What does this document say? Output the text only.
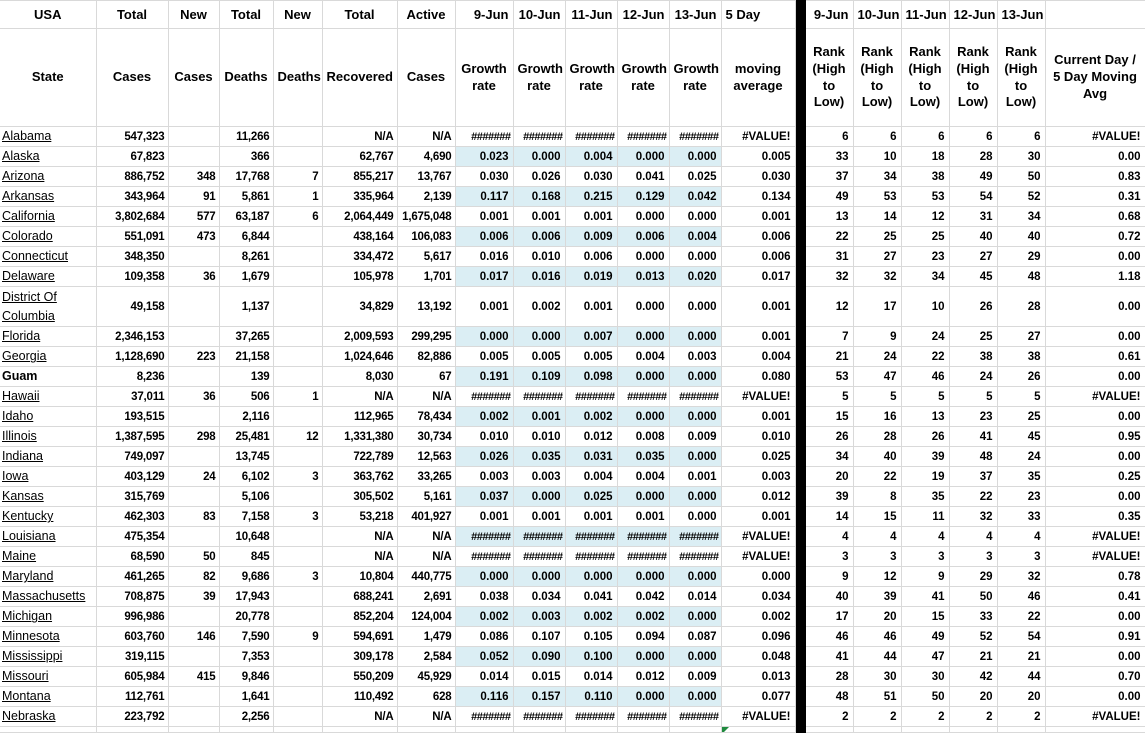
USA	Total	New	Total	New	Total	Active	9-Jun	10-Jun	11-Jun	12-Jun	13-Jun	5 Day		9-Jun	10-Jun	11-Jun	12-Jun	13-Jun	
State	Cases	Cases	Deaths	Deaths	Recovered	Cases	Growth rate	Growth rate	Growth rate	Growth rate	Growth rate	moving average		Rank (High to Low)	Rank (High to Low)	Rank (High to Low)	Rank (High to Low)	Rank (High to Low)	Current Day / 5 Day Moving Avg
Alabama	547,323		11,266		N/A	N/A	#######	#######	#######	#######	#######	#VALUE!		6	6	6	6	6	#VALUE!
Alaska	67,823		366		62,767	4,690	0.023	0.000	0.004	0.000	0.000	0.005		33	10	18	28	30	0.00
Arizona	886,752	348	17,768	7	855,217	13,767	0.030	0.026	0.030	0.041	0.025	0.030		37	34	38	49	50	0.83
Arkansas	343,964	91	5,861	1	335,964	2,139	0.117	0.168	0.215	0.129	0.042	0.134		49	53	53	54	52	0.31
California	3,802,684	577	63,187	6	2,064,449	1,675,048	0.001	0.001	0.001	0.000	0.000	0.001		13	14	12	31	34	0.68
Colorado	551,091	473	6,844		438,164	106,083	0.006	0.006	0.009	0.006	0.004	0.006		22	25	25	40	40	0.72
Connecticut	348,350		8,261		334,472	5,617	0.016	0.010	0.006	0.000	0.000	0.006		31	27	23	27	29	0.00
Delaware	109,358	36	1,679		105,978	1,701	0.017	0.016	0.019	0.013	0.020	0.017		32	32	34	45	48	1.18
District Of Columbia	49,158		1,137		34,829	13,192	0.001	0.002	0.001	0.000	0.000	0.001		12	17	10	26	28	0.00
Florida	2,346,153		37,265		2,009,593	299,295	0.000	0.000	0.007	0.000	0.000	0.001		7	9	24	25	27	0.00
Georgia	1,128,690	223	21,158		1,024,646	82,886	0.005	0.005	0.005	0.004	0.003	0.004		21	24	22	38	38	0.61
Guam	8,236		139		8,030	67	0.191	0.109	0.098	0.000	0.000	0.080		53	47	46	24	26	0.00
Hawaii	37,011	36	506	1	N/A	N/A	#######	#######	#######	#######	#######	#VALUE!		5	5	5	5	5	#VALUE!
Idaho	193,515		2,116		112,965	78,434	0.002	0.001	0.002	0.000	0.000	0.001		15	16	13	23	25	0.00
Illinois	1,387,595	298	25,481	12	1,331,380	30,734	0.010	0.010	0.012	0.008	0.009	0.010		26	28	26	41	45	0.95
Indiana	749,097		13,745		722,789	12,563	0.026	0.035	0.031	0.035	0.000	0.025		34	40	39	48	24	0.00
Iowa	403,129	24	6,102	3	363,762	33,265	0.003	0.003	0.004	0.004	0.001	0.003		20	22	19	37	35	0.25
Kansas	315,769		5,106		305,502	5,161	0.037	0.000	0.025	0.000	0.000	0.012		39	8	35	22	23	0.00
Kentucky	462,303	83	7,158	3	53,218	401,927	0.001	0.001	0.001	0.001	0.000	0.001		14	15	11	32	33	0.35
Louisiana	475,354		10,648		N/A	N/A	#######	#######	#######	#######	#######	#VALUE!		4	4	4	4	4	#VALUE!
Maine	68,590	50	845		N/A	N/A	#######	#######	#######	#######	#######	#VALUE!		3	3	3	3	3	#VALUE!
Maryland	461,265	82	9,686	3	10,804	440,775	0.000	0.000	0.000	0.000	0.000	0.000		9	12	9	29	32	0.78
Massachusetts	708,875	39	17,943		688,241	2,691	0.038	0.034	0.041	0.042	0.014	0.034		40	39	41	50	46	0.41
Michigan	996,986		20,778		852,204	124,004	0.002	0.003	0.002	0.002	0.000	0.002		17	20	15	33	22	0.00
Minnesota	603,760	146	7,590	9	594,691	1,479	0.086	0.107	0.105	0.094	0.087	0.096		46	46	49	52	54	0.91
Mississippi	319,115		7,353		309,178	2,584	0.052	0.090	0.100	0.000	0.000	0.048		41	44	47	21	21	0.00
Missouri	605,984	415	9,846		550,209	45,929	0.014	0.015	0.014	0.012	0.009	0.013		28	30	30	42	44	0.70
Montana	112,761		1,641		110,492	628	0.116	0.157	0.110	0.000	0.000	0.077		48	51	50	20	20	0.00
Nebraska	223,792		2,256		N/A	N/A	#######	#######	#######	#######	#######	#VALUE!		2	2	2	2	2	#VALUE!
